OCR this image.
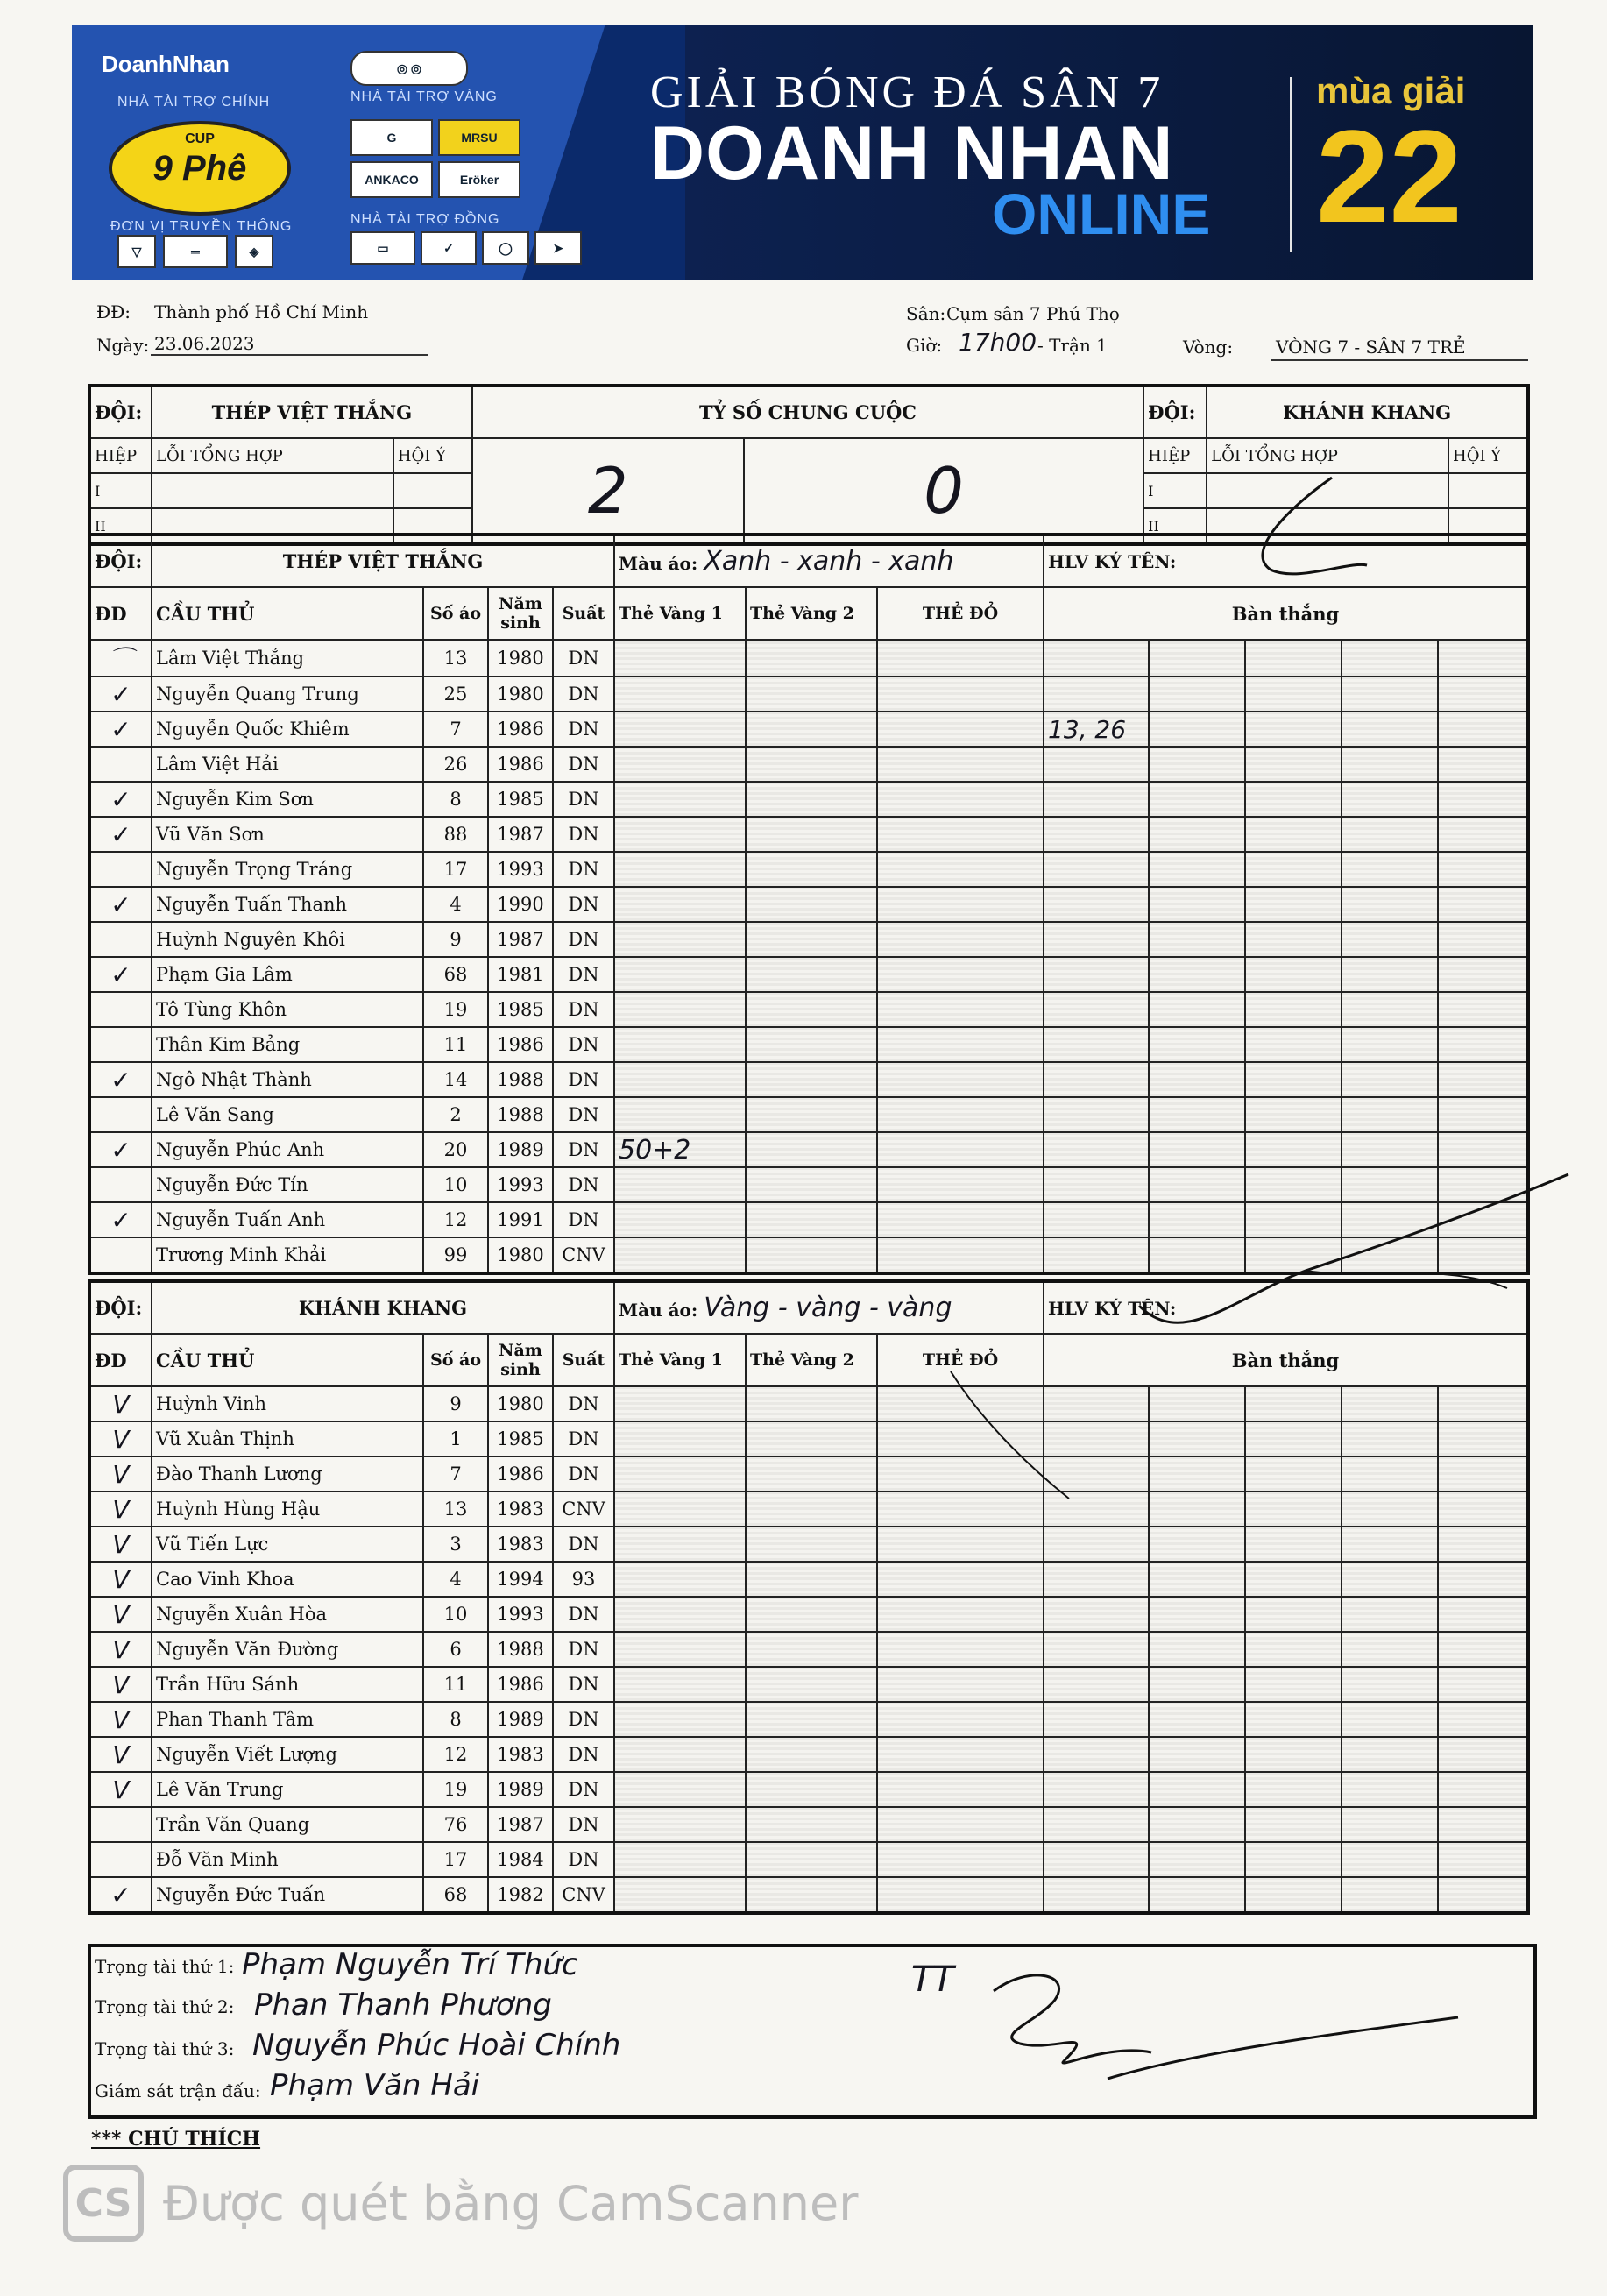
DoanhNhan
NHÀ TÀI TRỢ CHÍNH
CUP
9 Phê
ĐƠN VỊ TRUYỀN THÔNG
▽	═	◈
◎ ◎
NHÀ TÀI TRỢ VÀNG
G	MRSU
ANKACO	Eröker
NHÀ TÀI TRỢ ĐỒNG
▭	✓	◯	➤
GIẢI BÓNG ĐÁ SÂN 7
DOANH NHAN
ONLINE
mùa giải
22
ĐĐ: Thành phố Hồ Chí Minh
Ngày: 23.06.2023
Sân: Cụm sân 7 Phú Thọ
Giờ: 17h00 - Trận 1	Vòng: VÒNG 7 - SÂN 7 TRẺ
ĐỘI:	THÉP VIỆT THẮNG		TỶ SỐ CHUNG CUỘC		ĐỘI:	KHÁNH KHANG	
HIỆP	LỖI TỔNG HỢP	HỘI Ý	2	0	HIỆP	LỖI TỔNG HỢP	HỘI Ý
I					I		
II					II		
ĐỘI:	THÉP VIỆT THẮNG				Màu áo: Xanh - xanh - xanh			HLV KÝ TÊN:				
ĐD	CẦU THỦ	Số áo	Năm sinh	Suất	Thẻ Vàng 1	Thẻ Vàng 2	THẺ ĐỎ	Bàn thắng				
⌒	Lâm Việt Thắng	13	1980	DN								
✓	Nguyễn Quang Trung	25	1980	DN								
✓	Nguyễn Quốc Khiêm	7	1986	DN				13, 26				
	Lâm Việt Hải	26	1986	DN								
✓	Nguyễn Kim Sơn	8	1985	DN								
✓	Vũ Văn Sơn	88	1987	DN								
	Nguyễn Trọng Tráng	17	1993	DN								
✓	Nguyễn Tuấn Thanh	4	1990	DN								
	Huỳnh Nguyên Khôi	9	1987	DN								
✓	Phạm Gia Lâm	68	1981	DN								
	Tô Tùng Khôn	19	1985	DN								
	Thân Kim Bảng	11	1986	DN								
✓	Ngô Nhật Thành	14	1988	DN								
	Lê Văn Sang	2	1988	DN								
✓	Nguyễn Phúc Anh	20	1989	DN	50+2							
	Nguyễn Đức Tín	10	1993	DN								
✓	Nguyễn Tuấn Anh	12	1991	DN								
	Trương Minh Khải	99	1980	CNV								
ĐỘI:	KHÁNH KHANG				Màu áo: Vàng - vàng - vàng			HLV KÝ TÊN:				
ĐD	CẦU THỦ	Số áo	Năm sinh	Suất	Thẻ Vàng 1	Thẻ Vàng 2	THẺ ĐỎ	Bàn thắng				
V	Huỳnh Vinh	9	1980	DN								
V	Vũ Xuân Thịnh	1	1985	DN								
V	Đào Thanh Lương	7	1986	DN								
V	Huỳnh Hùng Hậu	13	1983	CNV								
V	Vũ Tiến Lực	3	1983	DN								
V	Cao Vinh Khoa	4	1994	93								
V	Nguyễn Xuân Hòa	10	1993	DN								
V	Nguyễn Văn Đường	6	1988	DN								
V	Trần Hữu Sánh	11	1986	DN								
V	Phan Thanh Tâm	8	1989	DN								
V	Nguyễn Viết Lượng	12	1983	DN								
V	Lê Văn Trung	19	1989	DN								
	Trần Văn Quang	76	1987	DN								
	Đỗ Văn Minh	17	1984	DN								
✓	Nguyễn Đức Tuấn	68	1982	CNV								
Trọng tài thứ 1: Phạm Nguyễn Trí Thức
Trọng tài thứ 2: Phan Thanh Phương
Trọng tài thứ 3: Nguyễn Phúc Hoài Chính
Giám sát trận đấu: Phạm Văn Hải
TT
*** CHÚ THÍCH
CS Được quét bằng CamScanner
